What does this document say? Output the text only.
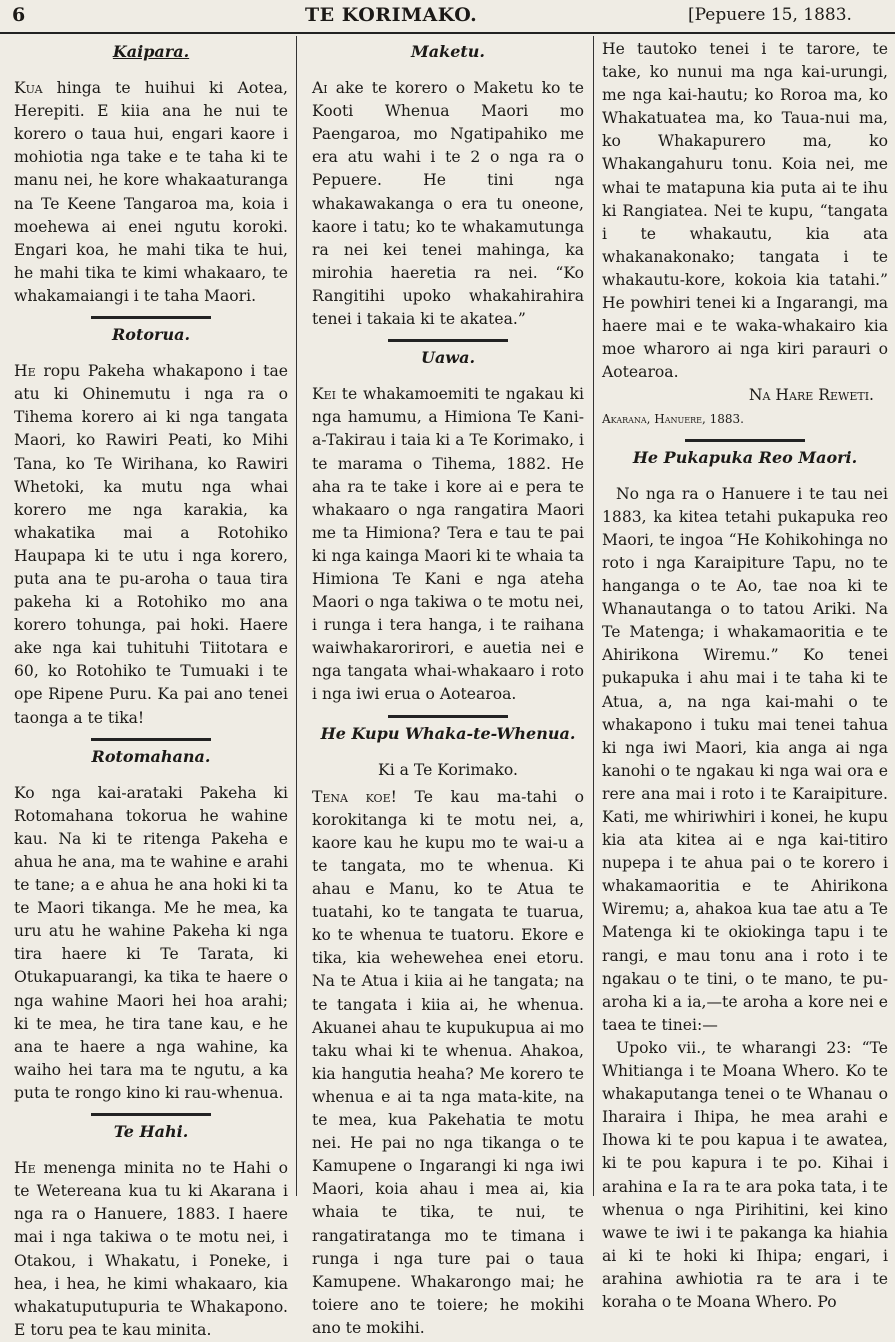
6	TE KORIMAKO.	[Pepuere 15, 1883.
Kaipara.

Kua hinga te huihui ki Aotea, Herepiti. E kiia ana he nui te korero o taua hui, engari kaore i mohiotia nga take e te taha ki te manu nei, he kore whakaaturanga na Te Keene Tangaroa ma, koia i moehewa ai enei ngutu koroki. Engari koa, he mahi tika te hui, he mahi tika te kimi whakaaro, te whakamaiangi i te taha Maori.

Rotorua.

He ropu Pakeha whakapono i tae atu ki Ohinemutu i nga ra o Tihema korero ai ki nga tangata Maori, ko Rawiri Peati, ko Mihi Tana, ko Te Wirihana, ko Rawiri Whetoki, ka mutu nga whai korero me nga karakia, ka whakatika mai a Rotohiko Haupapa ki te utu i nga korero, puta ana te pu-aroha o taua tira pakeha ki a Rotohiko mo ana korero tohunga, pai hoki. Haere ake nga kai tuhituhi Tiitotara e 60, ko Rotohiko te Tumuaki i te ope Ripene Puru. Ka pai ano tenei taonga a te tika!

Rotomahana.

Ko nga kai-arataki Pakeha ki Rotomahana tokorua he wahine kau. Na ki te ritenga Pakeha e ahua he ana, ma te wahine e arahi te tane; a e ahua he ana hoki ki ta te Maori tikanga. Me he mea, ka uru atu he wahine Pakeha ki nga tira haere ki Te Tarata, ki Otukapuarangi, ka tika te haere o nga wahine Maori hei hoa arahi; ki te mea, he tira tane kau, e he ana te haere a nga wahine, ka waiho hei tara ma te ngutu, a ka puta te rongo kino ki rau-whenua.

Te Hahi.

He menenga minita no te Hahi o te Wetereana kua tu ki Akarana i nga ra o Hanuere, 1883. I haere mai i nga takiwa o te motu nei, i Otakou, i Whakatu, i Poneke, i hea, i hea, he kimi whakaaro, kia whakatuputupuria te Whakapono. E toru pea te kau minita.

Maketu.

Ai ake te korero o Maketu ko te Kooti Whenua Maori mo Paengaroa, mo Ngatipahiko me era atu wahi i te 2 o nga ra o Pepuere. He tini nga whakawakanga o era tu oneone, kaore i tatu; ko te whakamutunga ra nei kei tenei mahinga, ka mirohia haeretia ra nei. “Ko Rangitihi upoko whakahirahira tenei i takaia ki te akatea.”

Uawa.

Kei te whakamoemiti te ngakau ki nga hamumu, a Himiona Te Kani-a-Takirau i taia ki a Te Korimako, i te marama o Tihema, 1882. He aha ra te take i kore ai e pera te whakaaro o nga rangatira Maori me ta Himiona? Tera e tau te pai ki nga kainga Maori ki te whaia ta Himiona Te Kani e nga ateha Maori o nga takiwa o te motu nei, i runga i tera hanga, i te raihana waiwhakarorirori, e auetia nei e nga tangata whai-whakaaro i roto i nga iwi erua o Aotearoa.

He Kupu Whaka-te-Whenua.
Ki a Te Korimako.

Tena koe! Te kau ma-tahi o korokitanga ki te motu nei, a, kaore kau he kupu mo te wai-u a te tangata, mo te whenua. Ki ahau e Manu, ko te Atua te tuatahi, ko te tangata te tuarua, ko te whenua te tuatoru. Ekore e tika, kia wehewehea enei etoru. Na te Atua i kiia ai he tangata; na te tangata i kiia ai, he whenua. Akuanei ahau te kupukupua ai mo taku whai ki te whenua. Ahakoa, kia hangutia heaha? Me korero te whenua e ai ta nga mata-kite, na te mea, kua Pakehatia te motu nei. He pai no nga tikanga o te Kamupene o Ingarangi ki nga iwi Maori, koia ahau i mea ai, kia whaia te tika, te nui, te rangatiratanga mo te timana i runga i nga ture pai o taua Kamupene. Whakarongo mai; he toiere ano te toiere; he mokihi ano te mokihi.

He tautoko tenei i te tarore, te take, ko nunui ma nga kai-urungi, me nga kai-hautu; ko Roroa ma, ko Whakatuatea ma, ko Taua-nui ma, ko Whakapurero ma, ko Whakangahuru tonu. Koia nei, me whai te matapuna kia puta ai te ihu ki Rangiatea. Nei te kupu, “tangata i te whakautu, kia ata whakanakonako; tangata i te whakautu-kore, kokoia kia tatahi.” He powhiri tenei ki a Ingarangi, ma haere mai e te waka-whakairo kia moe wharoro ai nga kiri parauri o Aotearoa.

Na Hare Reweti.

Akarana, Hanuere, 1883.

He Pukapuka Reo Maori.

No nga ra o Hanuere i te tau nei 1883, ka kitea tetahi pukapuka reo Maori, te ingoa “He Kohikohinga no roto i nga Karaipiture Tapu, no te hanganga o te Ao, tae noa ki te Whanautanga o to tatou Ariki. Na Te Matenga; i whakamaoritia e te Ahirikona Wiremu.” Ko tenei pukapuka i ahu mai i te taha ki te Atua, a, na nga kai-mahi o te whakapono i tuku mai tenei tahua ki nga iwi Maori, kia anga ai nga kanohi o te ngakau ki nga wai ora e rere ana mai i roto i te Karaipiture. Kati, me whiriwhiri i konei, he kupu kia ata kitea ai e nga kai-titiro nupepa i te ahua pai o te korero i whakamaoritia e te Ahirikona Wiremu; a, ahakoa kua tae atu a Te Matenga ki te okiokinga tapu i te rangi, e mau tonu ana i roto i te ngakau o te tini, o te mano, te pu-aroha ki a ia,—te aroha a kore nei e taea te tinei:—

Upoko vii., te wharangi 23: “Te Whitianga i te Moana Whero. Ko te whakaputanga tenei o te Whanau o Iharaira i Ihipa, he mea arahi e Ihowa ki te pou kapua i te awatea, ki te pou kapura i te po. Kihai i arahina e Ia ra te ara poka tata, i te whenua o nga Pirihitini, kei kino wawe te iwi i te pakanga ka hiahia ai ki te hoki ki Ihipa; engari, i arahina awhiotia ra te ara i te koraha o te Moana Whero. Po
